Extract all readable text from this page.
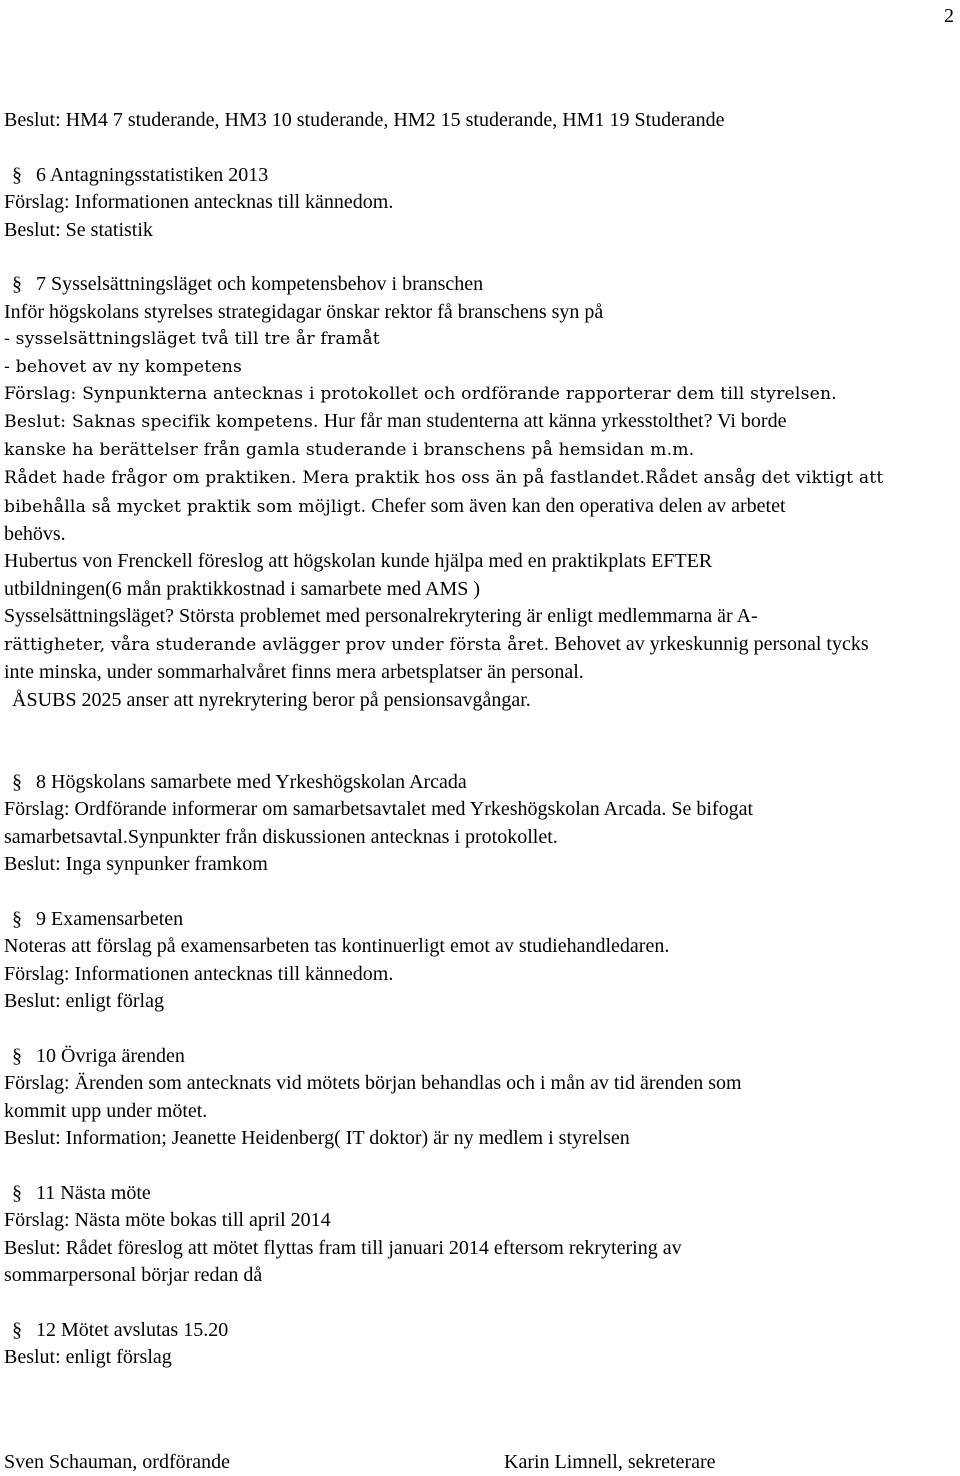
2

Beslut: HM4 7 studerande, HM3 10 studerande, HM2 15 studerande, HM1 19 Studerande

§ 6 Antagningsstatistiken 2013

Förslag: Informationen antecknas till kännedom.

Beslut: Se statistik

§ 7 Sysselsättningsläget och kompetensbehov i branschen

Inför högskolans styrelses strategidagar önskar rektor få branschens syn på

- sysselsättningsläget två till tre år framåt

- behovet av ny kompetens

Förslag: Synpunkterna antecknas i protokollet och ordförande rapporterar dem till styrelsen.

Beslut: Saknas specifik kompetens. Hur får man studenterna att känna yrkesstolthet? Vi borde

kanske ha berättelser från gamla studerande i branschens på hemsidan m.m.

Rådet hade frågor om praktiken. Mera praktik hos oss än på fastlandet.Rådet ansåg det viktigt att

bibehålla så mycket praktik som möjligt. Chefer som även kan den operativa delen av arbetet

behövs.

Hubertus von Frenckell föreslog att högskolan kunde hjälpa med en praktikplats EFTER

utbildningen(6 mån praktikkostnad i samarbete med AMS )

Sysselsättningsläget? Största problemet med personalrekrytering är enligt medlemmarna är A-

rättigheter, våra studerande avlägger prov under första året. Behovet av yrkeskunnig personal tycks

inte minska, under sommarhalvåret finns mera arbetsplatser än personal.

ÅSUBS 2025 anser att nyrekrytering beror på pensionsavgångar.

§ 8 Högskolans samarbete med Yrkeshögskolan Arcada

Förslag: Ordförande informerar om samarbetsavtalet med Yrkeshögskolan Arcada. Se bifogat

samarbetsavtal.Synpunkter från diskussionen antecknas i protokollet.

Beslut: Inga synpunker framkom

§ 9 Examensarbeten

Noteras att förslag på examensarbeten tas kontinuerligt emot av studiehandledaren.

Förslag: Informationen antecknas till kännedom.

Beslut: enligt förlag

§ 10 Övriga ärenden

Förslag: Ärenden som antecknats vid mötets början behandlas och i mån av tid ärenden som

kommit upp under mötet.

Beslut: Information; Jeanette Heidenberg( IT doktor) är ny medlem i styrelsen

§ 11 Nästa möte

Förslag: Nästa möte bokas till april 2014

Beslut: Rådet föreslog att mötet flyttas fram till januari 2014 eftersom rekrytering av

sommarpersonal börjar redan då

§ 12 Mötet avslutas 15.20

Beslut: enligt förslag

Sven Schauman, ordförande	Karin Limnell, sekreterare
